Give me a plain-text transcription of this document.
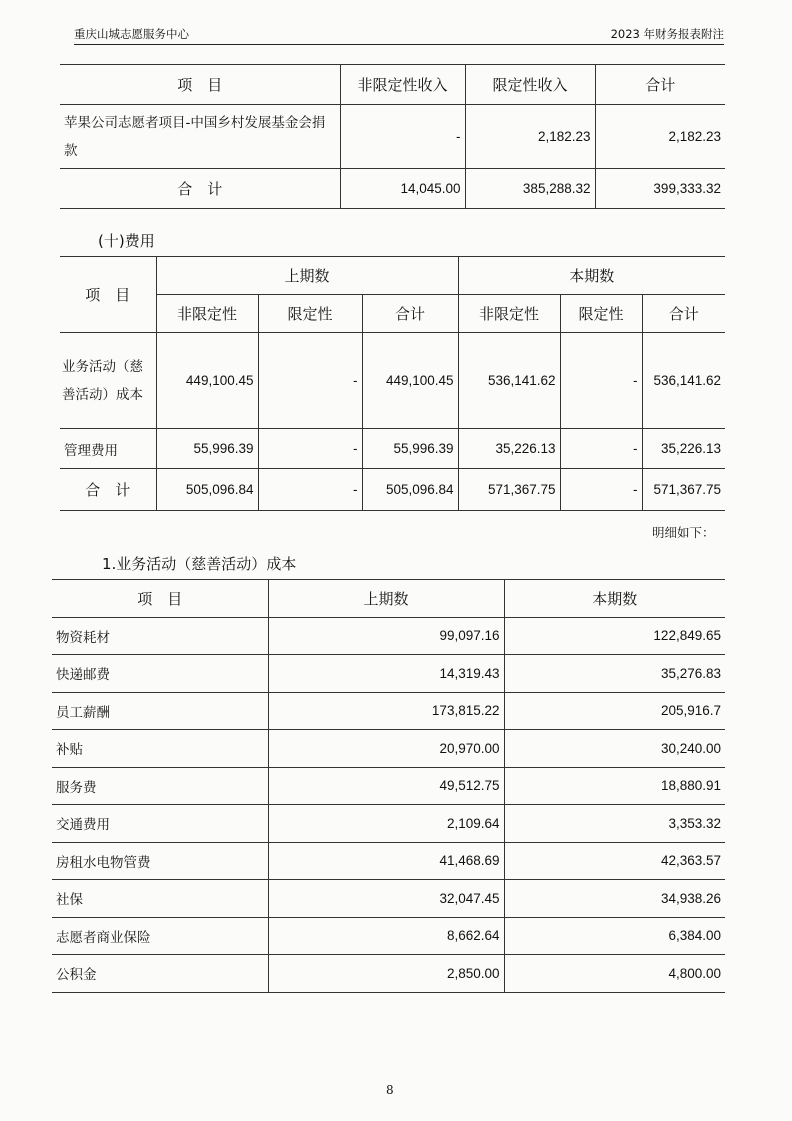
重庆山城志愿服务中心	2023 年财务报表附注
项　目	非限定性收入	限定性收入	合计
苹果公司志愿者项目-中国乡村发展基金会捐款	-	2,182.23	2,182.23
合　计	14,045.00	385,288.32	399,333.32
(十)费用
项　目	上期数			本期数		
	非限定性	限定性	合计	非限定性	限定性	合计
业务活动（慈善活动）成本	449,100.45	-	449,100.45	536,141.62	-	536,141.62
管理费用	55,996.39	-	55,996.39	35,226.13	-	35,226.13
合　计	505,096.84	-	505,096.84	571,367.75	-	571,367.75
明细如下：
1.业务活动（慈善活动）成本
项　目	上期数	本期数
物资耗材	99,097.16	122,849.65
快递邮费	14,319.43	35,276.83
员工薪酬	173,815.22	205,916.7
补贴	20,970.00	30,240.00
服务费	49,512.75	18,880.91
交通费用	2,109.64	3,353.32
房租水电物管费	41,468.69	42,363.57
社保	32,047.45	34,938.26
志愿者商业保险	8,662.64	6,384.00
公积金	2,850.00	4,800.00
8
